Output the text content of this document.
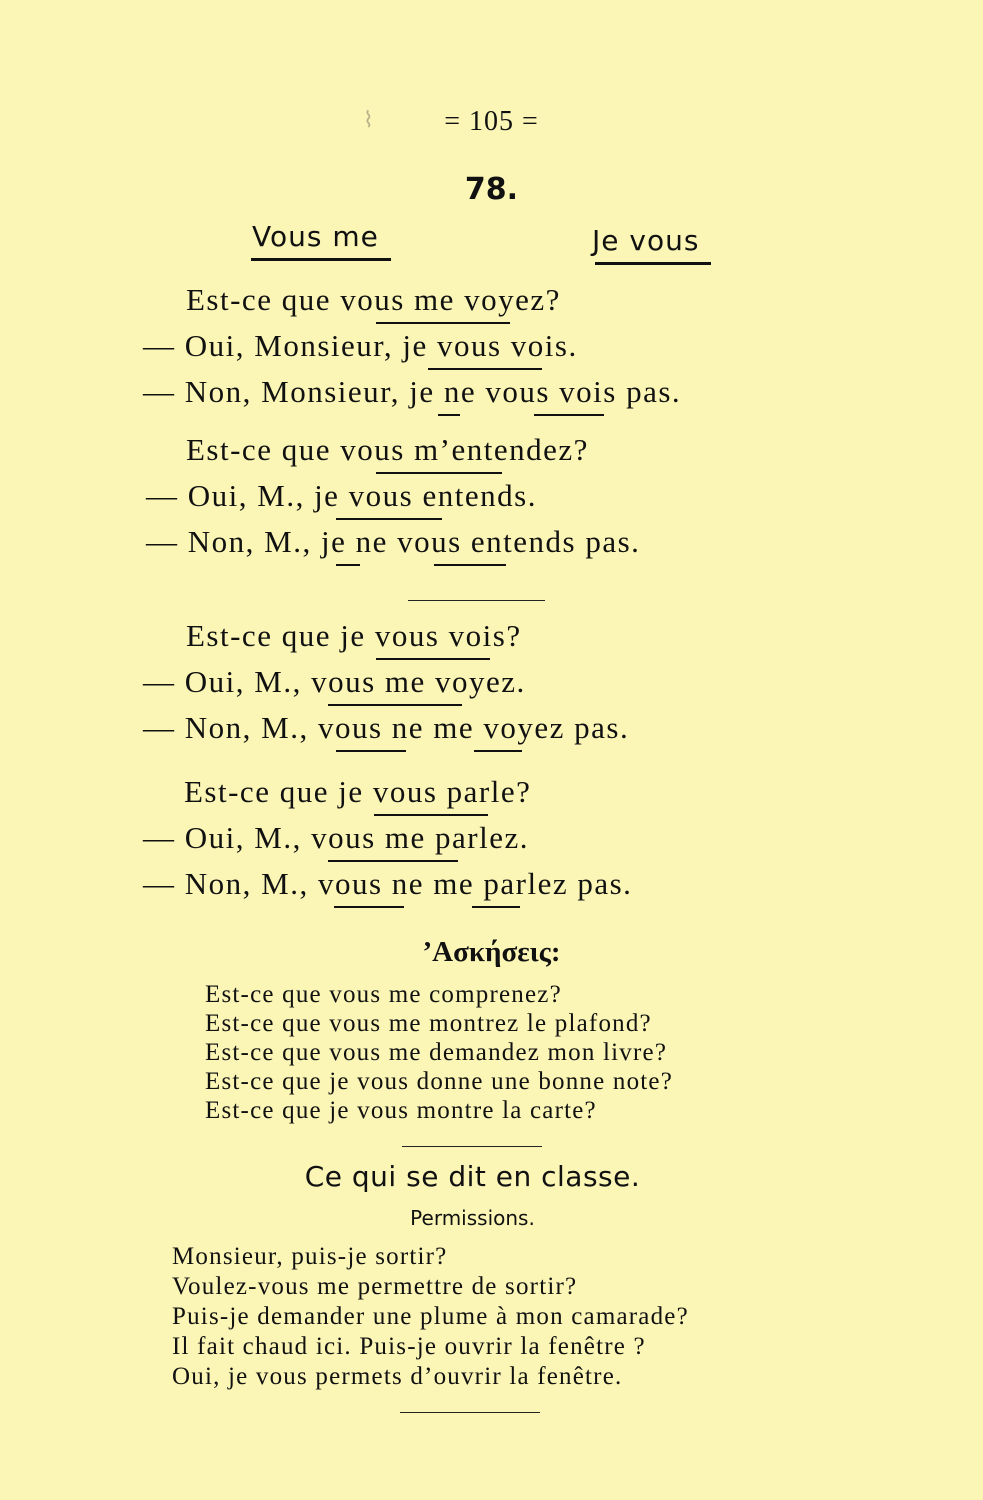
⌇	= 105 =
78.
Vous me	Je vous
Est-ce que vous me voyez?
— Oui, Monsieur, je vous vois.
— Non, Monsieur, je ne vous vois pas.
Est-ce que vous m’entendez?
— Oui, M., je vous entends.
— Non, M., je ne vous entends pas.
Est-ce que je vous vois?
— Oui, M., vous me voyez.
— Non, M., vous ne me voyez pas.
Est-ce que je vous parle?
— Oui, M., vous me parlez.
— Non, M., vous ne me parlez pas.
’Ασκήσεις:
Est-ce que vous me comprenez?
Est-ce que vous me montrez le plafond?
Est-ce que vous me demandez mon livre?
Est-ce que je vous donne une bonne note?
Est-ce que je vous montre la carte?
Ce qui se dit en classe.
Permissions.
Monsieur, puis-je sortir?
Voulez-vous me permettre de sortir?
Puis-je demander une plume à mon camarade?
Il fait chaud ici. Puis-je ouvrir la fenêtre ?
Oui, je vous permets d’ouvrir la fenêtre.
